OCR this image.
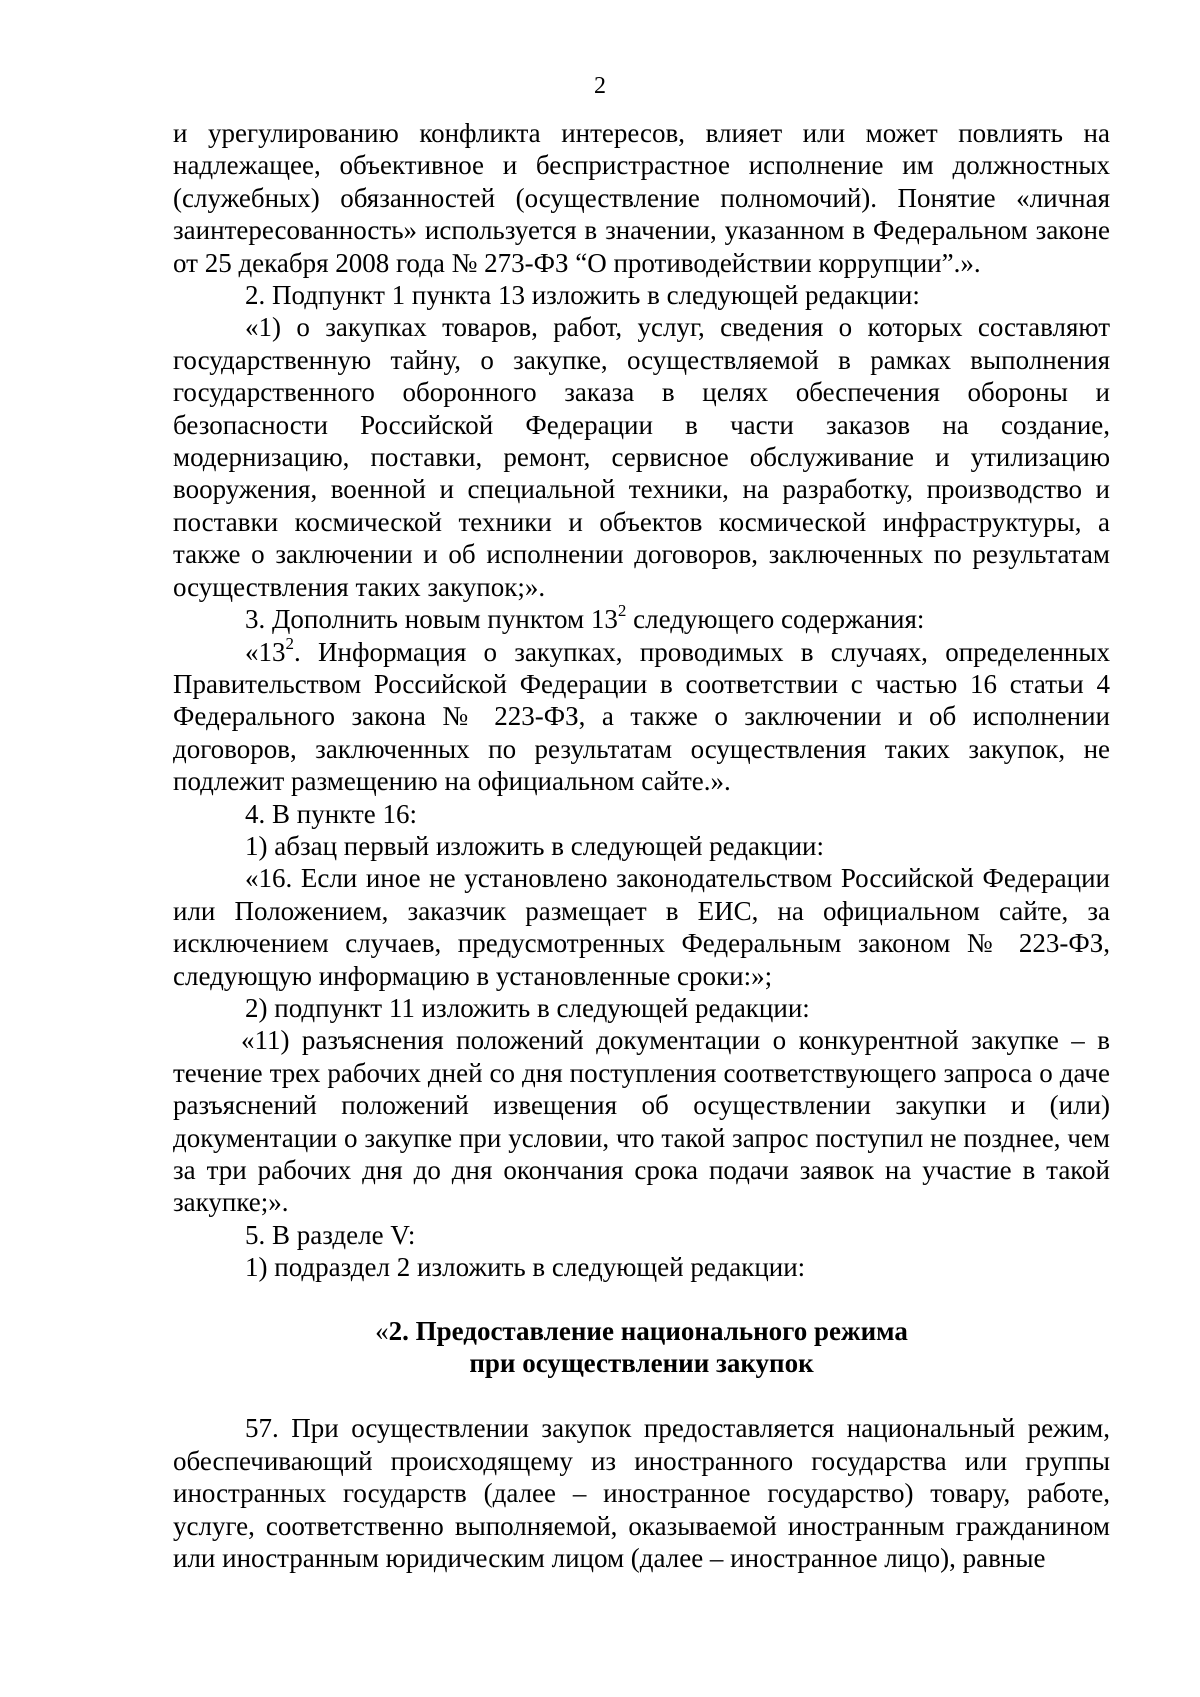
2

и урегулированию конфликта интересов, влияет или может повлиять на надлежащее, объективное и беспристрастное исполнение им должностных (служебных) обязанностей (осуществление полномочий). Понятие «личная заинтересованность» используется в значении, указанном в Федеральном законе от 25 декабря 2008 года № 273-ФЗ “О противодействии коррупции”.».

2. Подпункт 1 пункта 13 изложить в следующей редакции:

«1) о закупках товаров, работ, услуг, сведения о которых составляют государственную тайну, о закупке, осуществляемой в рамках выполнения государственного оборонного заказа в целях обеспечения обороны и безопасности Российской Федерации в части заказов на создание, модернизацию, поставки, ремонт, сервисное обслуживание и утилизацию вооружения, военной и специальной техники, на разработку, производство и поставки космической техники и объектов космической инфраструктуры, а также о заключении и об исполнении договоров, заключенных по результатам осуществления таких закупок;».

3. Дополнить новым пунктом $13^2$ следующего содержания:

«$13^2$. Информация о закупках, проводимых в случаях, определенных Правительством Российской Федерации в соответствии с частью 16 статьи 4 Федерального закона № 223-ФЗ, а также о заключении и об исполнении договоров, заключенных по результатам осуществления таких закупок, не подлежит размещению на официальном сайте.».

4. В пункте 16:

1) абзац первый изложить в следующей редакции:

«16. Если иное не установлено законодательством Российской Федерации или Положением, заказчик размещает в ЕИС, на официальном сайте, за исключением случаев, предусмотренных Федеральным законом № 223-ФЗ, следующую информацию в установленные сроки:»;

2) подпункт 11 изложить в следующей редакции:

«11) разъяснения положений документации о конкурентной закупке – в течение трех рабочих дней со дня поступления соответствующего запроса о даче разъяснений положений извещения об осуществлении закупки и (или) документации о закупке при условии, что такой запрос поступил не позднее, чем за три рабочих дня до дня окончания срока подачи заявок на участие в такой закупке;».

5. В разделе V:

1) подраздел 2 изложить в следующей редакции:

«2. Предоставление национального режима
при осуществлении закупок

57. При осуществлении закупок предоставляется национальный режим, обеспечивающий происходящему из иностранного государства или группы иностранных государств (далее – иностранное государство) товару, работе, услуге, соответственно выполняемой, оказываемой иностранным гражданином или иностранным юридическим лицом (далее – иностранное лицо), равные
